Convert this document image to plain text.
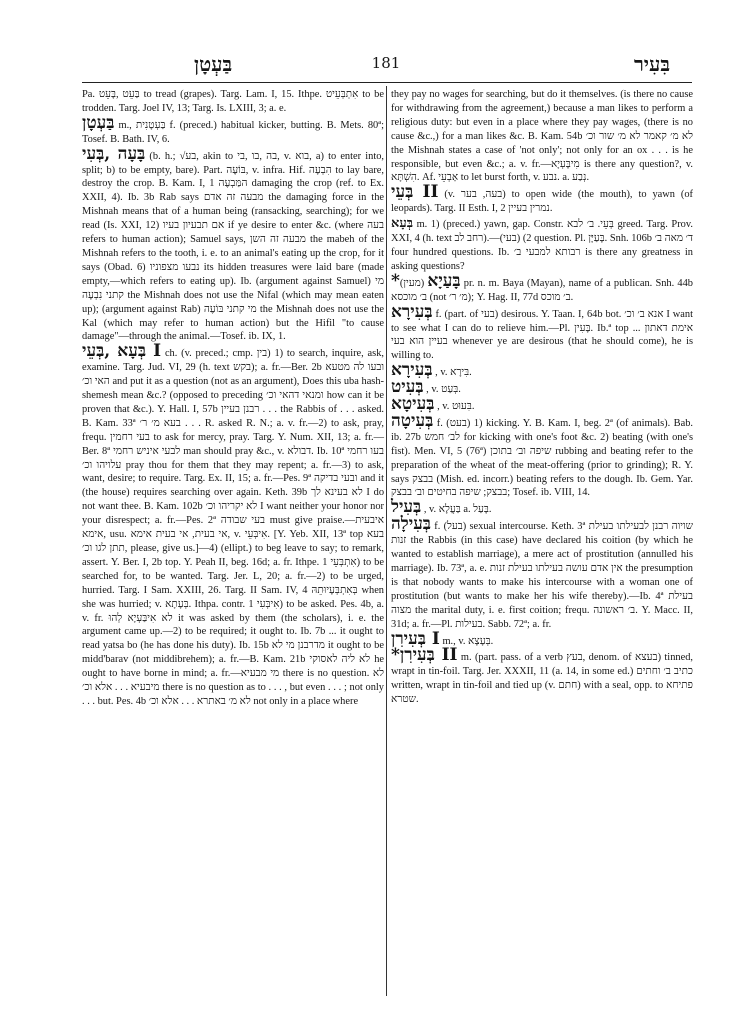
בַּעְטָן	181	בִּעִיר

Pa. בַּעֵט ,בָּעֵט to tread (grapes). Targ. Lam. I, 15. Ithpe. אִתְבְּעֵיט to be trodden. Targ. Joel IV, 13; Targ. Is. LXIII, 3; a. e.

בַּעְטָן m., בַּעְטָנִית f. (preced.) habitual kicker, butting. B. Mets. 80ª; Tosef. B. Bath. IV, 6.

בָּעָה ,בְּעִי (b. h.; √בע, akin to בה ,בו ,בי, v. בוא, a) to enter into, split; b) to be empty, bare). Part. בּוֹעֶה, v. infra. Hif. הִבְעָה to lay bare, destroy the crop. B. Kam. I, 1 המַּבְעֶה damaging the crop (ref. to Ex. XXII, 4). Ib. 3b Rab says מבעה זה אדם the damaging force in the Mishnah means that of a human being (ransacking, searching); for we read (Is. XXI, 12) אם תבעיון בעיו if ye desire to enter &c. (where בעה refers to human action); Samuel says, מבעה זה השן the mabeh of the Mishnah refers to the tooth, i. e. to an animal's eating up the crop, for it says (Obad. 6) נבעו מצפוניו its hidden treasures were laid bare (made empty,—which refers to eating up). Ib. (argument against Samuel) מי קתני נִבְעָה the Mishnah does not use the Nifal (which may mean eaten up); (argument against Rab) מי קתני בּוֹעֶה the Mishnah does not use the Kal (which may refer to human action) but the Hifil "to cause damage"—through the animal.—Tosef. ib. IX, 1.

בְּעָא ,בְּעֵי I ch. (v. preced.; cmp. בין) 1) to search, inquire, ask, examine. Targ. Jud. VI, 29 (h. text בקש); a. fr.—Ber. 2b ובעו לה מטעא האי וכ׳ and put it as a question (not as an argument), Does this uba hash-shemesh mean &c.? (opposed to preceding ומנאי דהאי וכ׳ how can it be proven that &c.). Y. Hall. I, 57b רבנן בעיין . . . the Rabbis of . . . asked. B. Kam. 33ª בעא מ׳ ר׳ . . . R. asked R. N.; a. v. fr.—2) to ask, pray, frequ. בעי רחמין to ask for mercy, pray. Targ. Y. Num. XII, 13; a. fr.—Ber. 8ª לבעי איניש רחמי man should pray &c., v. דבולא. Ib. 10ª בעו רחמי עלויהו וכ׳ pray thou for them that they may repent; a. fr.—3) to ask, want, desire; to require. Targ. Ex. II, 15; a. fr.—Pes. 9ª ובעי בדיקה and it (the house) requires searching over again. Keth. 39b לא בעינא לך I do not want thee. B. Kam. 102b לא יקריהו וכ׳ I want neither your honor nor your disrespect; a. fr.—Pes. 2ª בעי שבודה must give praise.—איבעית אימא, usu. אי בעית, אי בעית אימא, v. אִיבְּעֵי. [Y. Yeb. XII, 13ª top בעא תתן לגו וכ׳, please, give us.]—4) (ellipt.) to beg leave to say; to remark, assert. Y. Ber. I, 2b top. Y. Peah II, beg. 16d; a. fr. Ithpe. אִתְבְּעֵי 1) to be searched for, to be wanted. Targ. Jer. L, 20; a. fr.—2) to be urged, hurried. Targ. I Sam. XXIII, 26. Targ. II Sam. IV, 4 בְּאִתְבְּעָיוּתֵהּ when she was hurried; v. בְּעָתָא. Ithpa. contr. אִיבְּעִי 1) to be asked. Pes. 4b, a. v. fr. לא אִיבַּעְיָא לְהוּ it was asked by them (the scholars), i. e. the argument came up.—2) to be required; it ought to. Ib. 7b ... it ought to read yatsa bo (he has done his duty). Ib. 15b מדרבנן מי לא it ought to be midd'barav (not middibrehem); a. fr.—B. Kam. 21b לא ליה לאסוקי he ought to have borne in mind; a. fr.—מי מבעיא there is no question. לא מיבעיא . . . אלא וכ׳ there is no question as to . . . , but even . . . ; not only . . . but. Pes. 4b לא מ׳ באתרא . . . אלא וכ׳ not only in a place where

they pay no wages for searching, but do it themselves. (is there no cause for withdrawing from the agreement,) because a man likes to perform a religious duty: but even in a place where they pay wages, (there is no cause &c.,) for a man likes &c. B. Kam. 54b לא מ׳ קאמר לא מ׳ שור וכ׳ the Mishnah states a case of 'not only'; not only for an ox . . . is he responsible, but even &c.; a. v. fr.—מִיבָּעְיָא is there any question?, v. הִשְׁתָּא. Af. אַבְעֵי to let burst forth, v. נבע. a. נְבַע.

בְּעֵי II (v. בעה, בער) to open wide (the mouth), to yawn (of leopards). Targ. II Esth. I, 2 נמרין בעיין.

בְּעָא m. 1) (preced.) yawn, gap. Constr. בְּעֵי. ב׳ לבא greed. Targ. Prov. XXI, 4 (h. text רחב לב).—2) (בעי) question. Pl. בָּעַיָּן. Snh. 106b ד׳ מאה ב׳ four hundred questions. Ib. רבותא למבעי ב׳ is there any greatness in asking questions?

*בָּעַיָא (מעין) pr. n. m. Baya (Mayan), name of a publican. Snh. 44b ב׳ מוכסא (not מ׳ ר׳); Y. Hag. II, 77d ב׳ מוכס.

בְּעִירָא f. (part. of בעי) desirous. Y. Taan. I, 64b bot. אנא ב׳ וכ׳ I want to see what I can do to relieve him.—Pl. בָּעִין. Ib.ª top ... אימת דאתון בעיין הוא בעי whenever ye are desirous (that he should come), he is willing to.

בְּעִירָא , v. בִּירָא.

בְּעִיט , v. בְּעַט.

בְּעִיטָא , v. בִּעוּט.

בְּעִיטָה f. (בעט) 1) kicking. Y. B. Kam. I, beg. 2ª (of animals). Bab. ib. 27b לב׳ חמש for kicking with one's foot &c. 2) beating (with one's fist). Men. VI, 5 (76ª) שיפה וב׳ בתוכן rubbing and beating refer to the preparation of the wheat of the meat-offering (prior to grinding); R. Y. says בבצק (Mish. ed. incorr.) beating refers to the dough. Ib. Gem. Yar. בבצק; שיפה בחיטים וב׳ בבצק; Tosef. ib. VIII, 14.

בְּעִיל , v. בַּעֲלָא a. בָּעַל.

בְּעִילָה f. (בעל) sexual intercourse. Keth. 3ª שויוה רבנן לבעילתו בעילת זנות the Rabbis (in this case) have declared his coition (by which he wanted to establish marriage), a mere act of prostitution (annulled his marriage). Ib. 73ª, a. e. אין אדם עושה בעילתו בעילת זנות the presumption is that nobody wants to make his intercourse with a woman one of prostitution (but wants to make her his wife thereby).—Ib. 4ª בעילת מצוה the marital duty, i. e. first coition; frequ. ב׳ ראשונה. Y. Macc. II, 31d; a. fr.—Pl. בעילות. Sabb. 72ª; a. fr.

בְּעִירִן I m., v. בְּעָצָא.

*בְּעִירִן II m. (part. pass. of a verb בעץ, denom. of בעצא) tinned, wrapt in tin-foil. Targ. Jer. XXXII, 11 (a. 14, in some ed.) כתיב ב׳ וחתים written, wrapt in tin-foil and tied up (v. חתם) with a seal, opp. to פתיחא שטרא.
